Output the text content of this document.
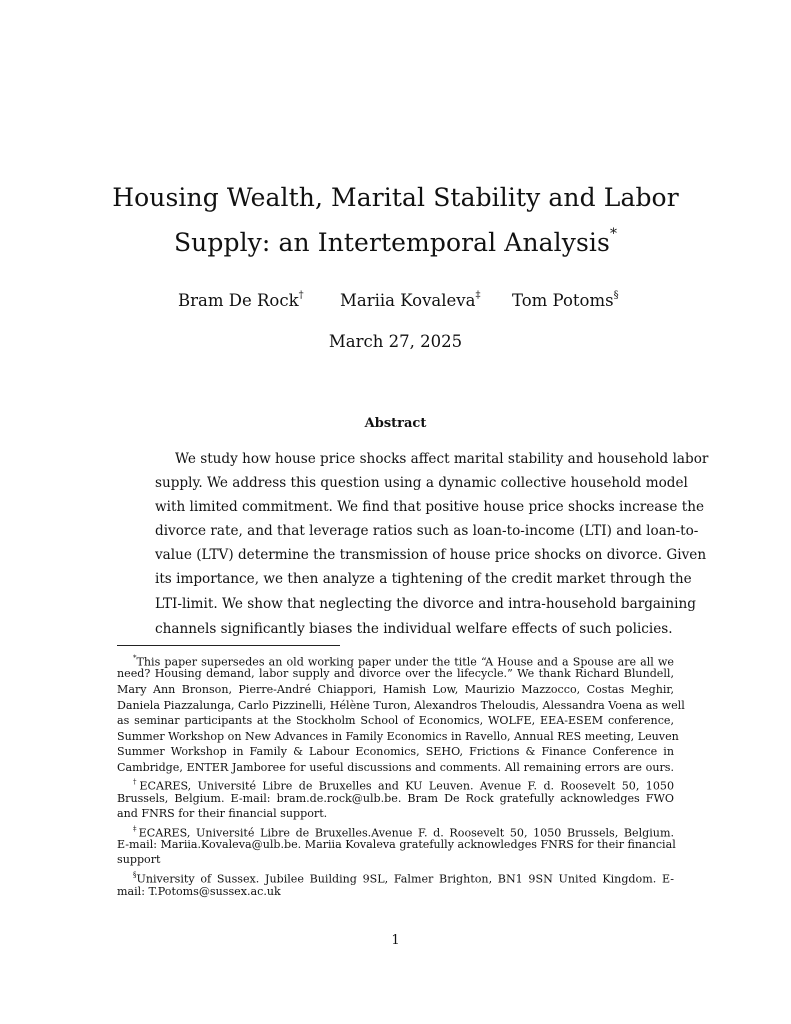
Housing Wealth, Marital Stability and Labor
Supply: an Intertemporal Analysis*
Bram De Rock† Mariia Kovaleva‡ Tom Potoms§
March 27, 2025
Abstract
We study how house price shocks affect marital stability and household labor
supply. We address this question using a dynamic collective household model
with limited commitment. We find that positive house price shocks increase the
divorce rate, and that leverage ratios such as loan-to-income (LTI) and loan-to-
value (LTV) determine the transmission of house price shocks on divorce. Given
its importance, we then analyze a tightening of the credit market through the
LTI-limit. We show that neglecting the divorce and intra-household bargaining
channels significantly biases the individual welfare effects of such policies.
*This paper supersedes an old working paper under the title “A House and a Spouse are all we
need? Housing demand, labor supply and divorce over the lifecycle.” We thank Richard Blundell,
Mary Ann Bronson, Pierre-André Chiappori, Hamish Low, Maurizio Mazzocco, Costas Meghir,
Daniela Piazzalunga, Carlo Pizzinelli, Hélène Turon, Alexandros Theloudis, Alessandra Voena as well
as seminar participants at the Stockholm School of Economics, WOLFE, EEA-ESEM conference,
Summer Workshop on New Advances in Family Economics in Ravello, Annual RES meeting, Leuven
Summer Workshop in Family & Labour Economics, SEHO, Frictions & Finance Conference in
Cambridge, ENTER Jamboree for useful discussions and comments. All remaining errors are ours.
†ECARES, Université Libre de Bruxelles and KU Leuven. Avenue F. d. Roosevelt 50, 1050
Brussels, Belgium. E-mail: bram.de.rock@ulb.be. Bram De Rock gratefully acknowledges FWO
and FNRS for their financial support.
‡ECARES, Université Libre de Bruxelles.Avenue F. d. Roosevelt 50, 1050 Brussels, Belgium.
E-mail: Mariia.Kovaleva@ulb.be. Mariia Kovaleva gratefully acknowledges FNRS for their financial
support
§University of Sussex. Jubilee Building 9SL, Falmer Brighton, BN1 9SN United Kingdom. E-
mail: T.Potoms@sussex.ac.uk
1
